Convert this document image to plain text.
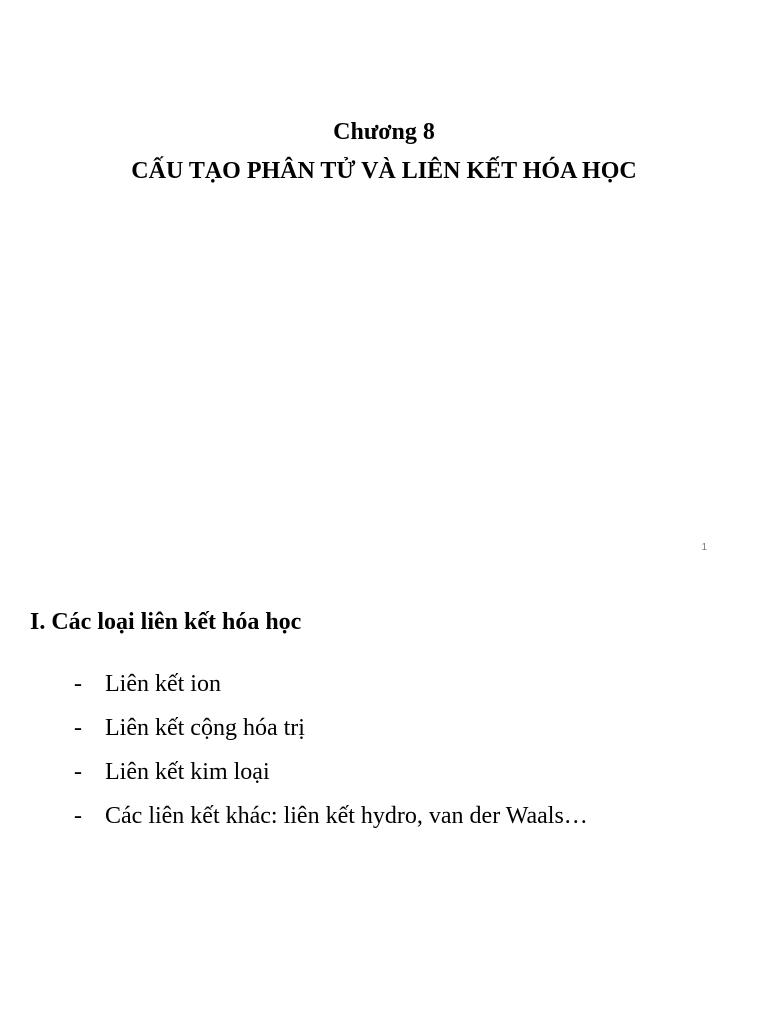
Chương 8
CẤU TẠO PHÂN TỬ VÀ LIÊN KẾT HÓA HỌC
1
I. Các loại liên kết hóa học
- Liên kết ion
- Liên kết cộng hóa trị
- Liên kết kim loại
- Các liên kết khác: liên kết hydro, van der Waals…
